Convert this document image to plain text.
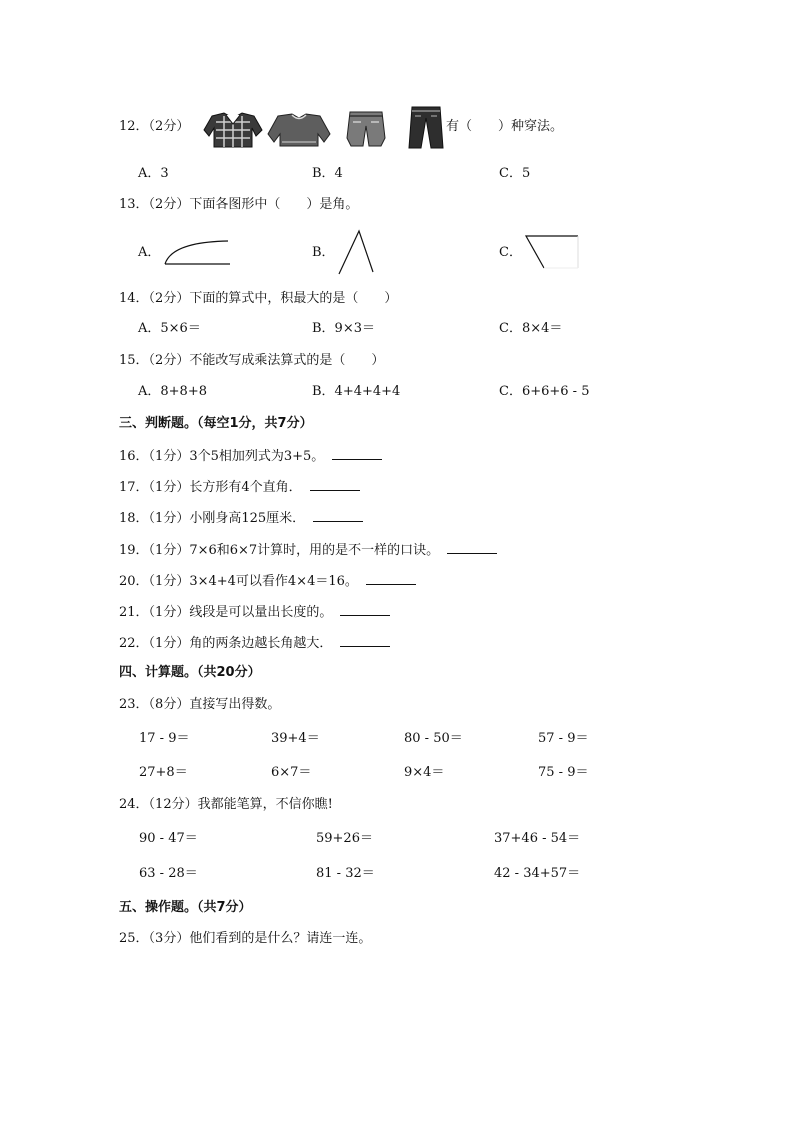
12．（2分）	有（　　）种穿法。
A．3	B．4	C．5
13．（2分）下面各图形中（　　）是角。
A．	B．	C．
14．（2分）下面的算式中，积最大的是（　　）
A．5×6＝	B．9×3＝	C．8×4＝
15．（2分）不能改写成乘法算式的是（　　）
A．8+8+8	B．4+4+4+4	C．6+6+6 - 5
三、判断题。（每空1分，共7分）
16．（1分）3个5相加列式为3+5。
17．（1分）长方形有4个直角．
18．（1分）小刚身高125厘米．
19．（1分）7×6和6×7计算时，用的是不一样的口诀。
20．（1分）3×4+4可以看作4×4＝16。
21．（1分）线段是可以量出长度的。
22．（1分）角的两条边越长角越大．
四、计算题。（共20分）
23．（8分）直接写出得数。
17 - 9＝	39+4＝	80 - 50＝	57 - 9＝
27+8＝	6×7＝	9×4＝	75 - 9＝
24．（12分）我都能笔算，不信你瞧!
90 - 47＝	59+26＝	37+46 - 54＝
63 - 28＝	81 - 32＝	42 - 34+57＝
五、操作题。（共7分）
25．（3分）他们看到的是什么？请连一连。
